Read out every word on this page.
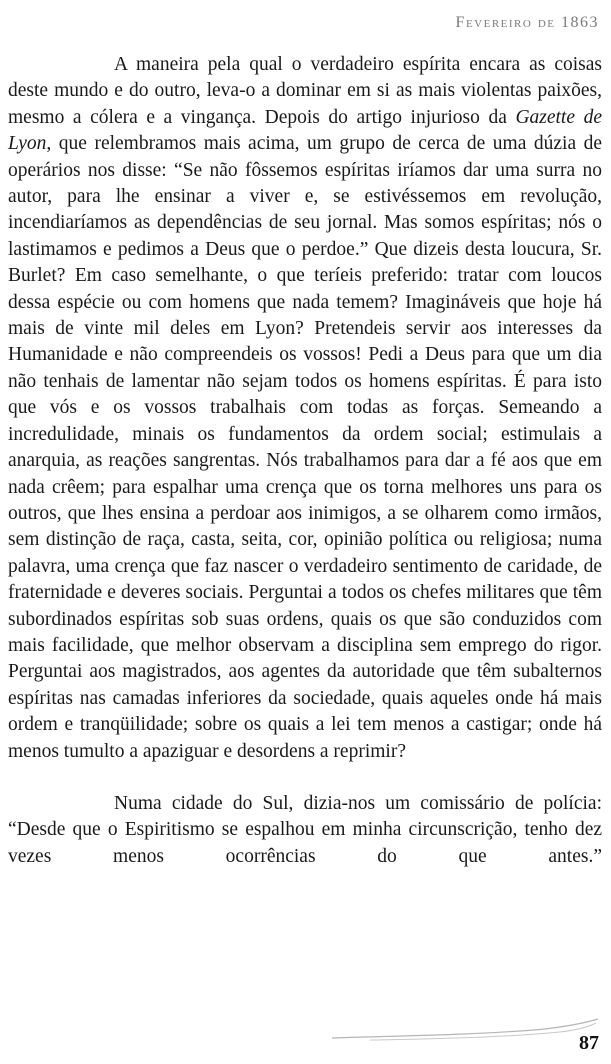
Fevereiro de 1863

A maneira pela qual o verdadeiro espírita encara as coisas deste mundo e do outro, leva-o a dominar em si as mais violentas paixões, mesmo a cólera e a vingança. Depois do artigo injurioso da Gazette de Lyon, que relembramos mais acima, um grupo de cerca de uma dúzia de operários nos disse: “Se não fôssemos espíritas iríamos dar uma surra no autor, para lhe ensinar a viver e, se estivéssemos em revolução, incendiaríamos as dependências de seu jornal. Mas somos espíritas; nós o lastimamos e pedimos a Deus que o perdoe.” Que dizeis desta loucura, Sr. Burlet? Em caso semelhante, o que teríeis preferido: tratar com loucos dessa espécie ou com homens que nada temem? Imagináveis que hoje há mais de vinte mil deles em Lyon? Pretendeis servir aos interesses da Humanidade e não compreendeis os vossos! Pedi a Deus para que um dia não tenhais de lamentar não sejam todos os homens espíritas. É para isto que vós e os vossos trabalhais com todas as forças. Semeando a incredulidade, minais os fundamentos da ordem social; estimulais a anarquia, as reações sangrentas. Nós trabalhamos para dar a fé aos que em nada crêem; para espalhar uma crença que os torna melhores uns para os outros, que lhes ensina a perdoar aos inimigos, a se olharem como irmãos, sem distinção de raça, casta, seita, cor, opinião política ou religiosa; numa palavra, uma crença que faz nascer o verdadeiro sentimento de caridade, de fraternidade e deveres sociais. Perguntai a todos os chefes militares que têm subordinados espíritas sob suas ordens, quais os que são conduzidos com mais facilidade, que melhor observam a disciplina sem emprego do rigor. Perguntai aos magistrados, aos agentes da autoridade que têm subalternos espíritas nas camadas inferiores da sociedade, quais aqueles onde há mais ordem e tranqüilidade; sobre os quais a lei tem menos a castigar; onde há menos tumulto a apaziguar e desordens a reprimir?

Numa cidade do Sul, dizia-nos um comissário de polícia: “Desde que o Espiritismo se espalhou em minha circunscrição, tenho dez vezes menos ocorrências do que antes.”

87
